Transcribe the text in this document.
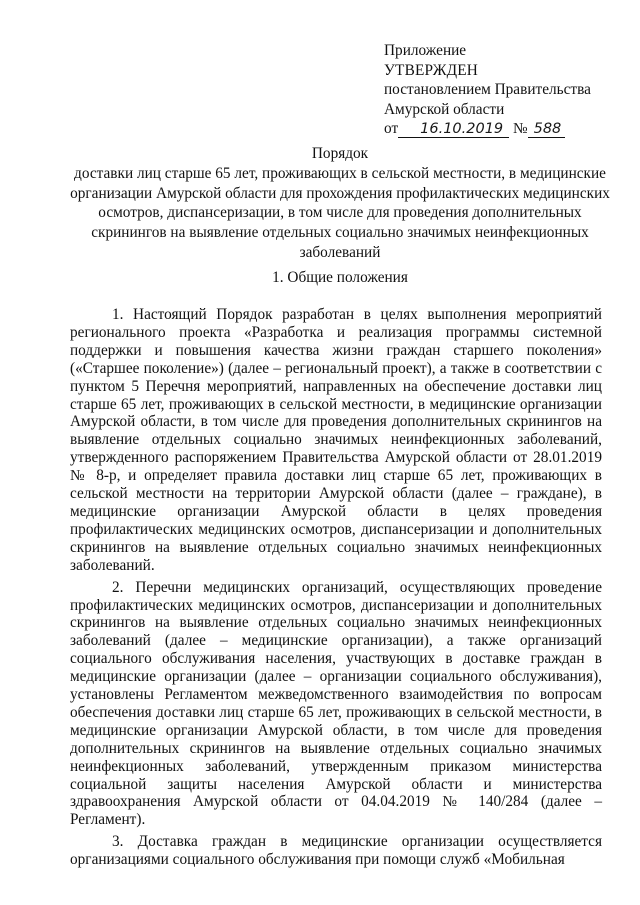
Приложение
УТВЕРЖДЕН
постановлением Правительства
Амурской области
от 16.10.2019 № 588
Порядок
доставки лиц старше 65 лет, проживающих в сельской местности, в медицинские организации Амурской области для прохождения профилактических медицинских осмотров, диспансеризации, в том числе для проведения дополнительных скринингов на выявление отдельных социально значимых неинфекционных заболеваний
1. Общие положения

1. Настоящий Порядок разработан в целях выполнения мероприятий регионального проекта «Разработка и реализация программы системной поддержки и повышения качества жизни граждан старшего поколения» («Старшее поколение») (далее – региональный проект), а также в соответствии с пунктом 5 Перечня мероприятий, направленных на обеспечение доставки лиц старше 65 лет, проживающих в сельской местности, в медицинские организации Амурской области, в том числе для проведения дополнительных скринингов на выявление отдельных социально значимых неинфекционных заболеваний, утвержденного распоряжением Правительства Амурской области от 28.01.2019 № 8-р, и определяет правила доставки лиц старше 65 лет, проживающих в сельской местности на территории Амурской области (далее – граждане), в медицинские организации Амурской области в целях проведения профилактических медицинских осмотров, диспансеризации и дополнительных скринингов на выявление отдельных социально значимых неинфекционных заболеваний.

2. Перечни медицинских организаций, осуществляющих проведение профилактических медицинских осмотров, диспансеризации и дополнительных скринингов на выявление отдельных социально значимых неинфекционных заболеваний (далее – медицинские организации), а также организаций социального обслуживания населения, участвующих в доставке граждан в медицинские организации (далее – организации социального обслуживания), установлены Регламентом межведомственного взаимодействия по вопросам обеспечения доставки лиц старше 65 лет, проживающих в сельской местности, в медицинские организации Амурской области, в том числе для проведения дополнительных скринингов на выявление отдельных социально значимых неинфекционных заболеваний, утвержденным приказом министерства социальной защиты населения Амурской области и министерства здравоохранения Амурской области от 04.04.2019 № 140/284 (далее – Регламент).

3. Доставка граждан в медицинские организации осуществляется организациями социального обслуживания при помощи служб «Мобильная
